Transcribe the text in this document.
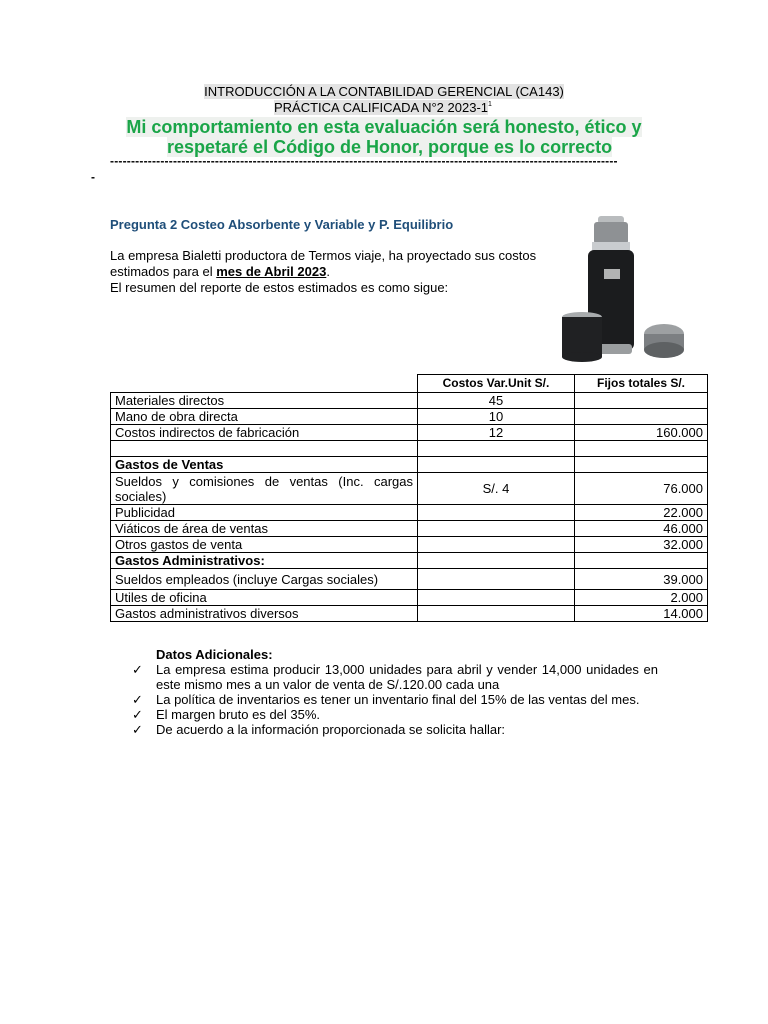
INTRODUCCIÓN A LA CONTABILIDAD GERENCIAL (CA143)
PRÁCTICA CALIFICADA N°2 $2023-1^1$
Mi comportamiento en esta evaluación será honesto, ético y
respetaré el Código de Honor, porque es lo correcto
-------------------------------------------------------------------------------------------------------------------------
-
Pregunta 2 Costeo Absorbente y Variable y P. Equilibrio
La empresa Bialetti productora de Termos viaje, ha proyectado sus costos estimados para el mes de Abril 2023.
El resumen del reporte de estos estimados es como sigue:
	Costos Var.Unit S/.	Fijos totales S/.
Materiales directos	45	
Mano de obra directa	10	
Costos indirectos de fabricación	12	160.000

Gastos de Ventas		
Sueldos y comisiones de ventas (Inc. cargas sociales)	S/. 4	76.000
Publicidad		22.000
Viáticos de área de ventas		46.000
Otros gastos de venta		32.000
Gastos Administrativos:		
Sueldos empleados (incluye Cargas sociales)		39.000
Utiles de oficina		2.000
Gastos administrativos diversos		14.000
Datos Adicionales:
✓ La empresa estima producir 13,000 unidades para abril y vender 14,000 unidades en este mismo mes a un valor de venta de S/.120.00 cada una
✓ La política de inventarios es tener un inventario final del 15% de las ventas del mes.
✓ El margen bruto es del 35%.
✓ De acuerdo a la información proporcionada se solicita hallar:
